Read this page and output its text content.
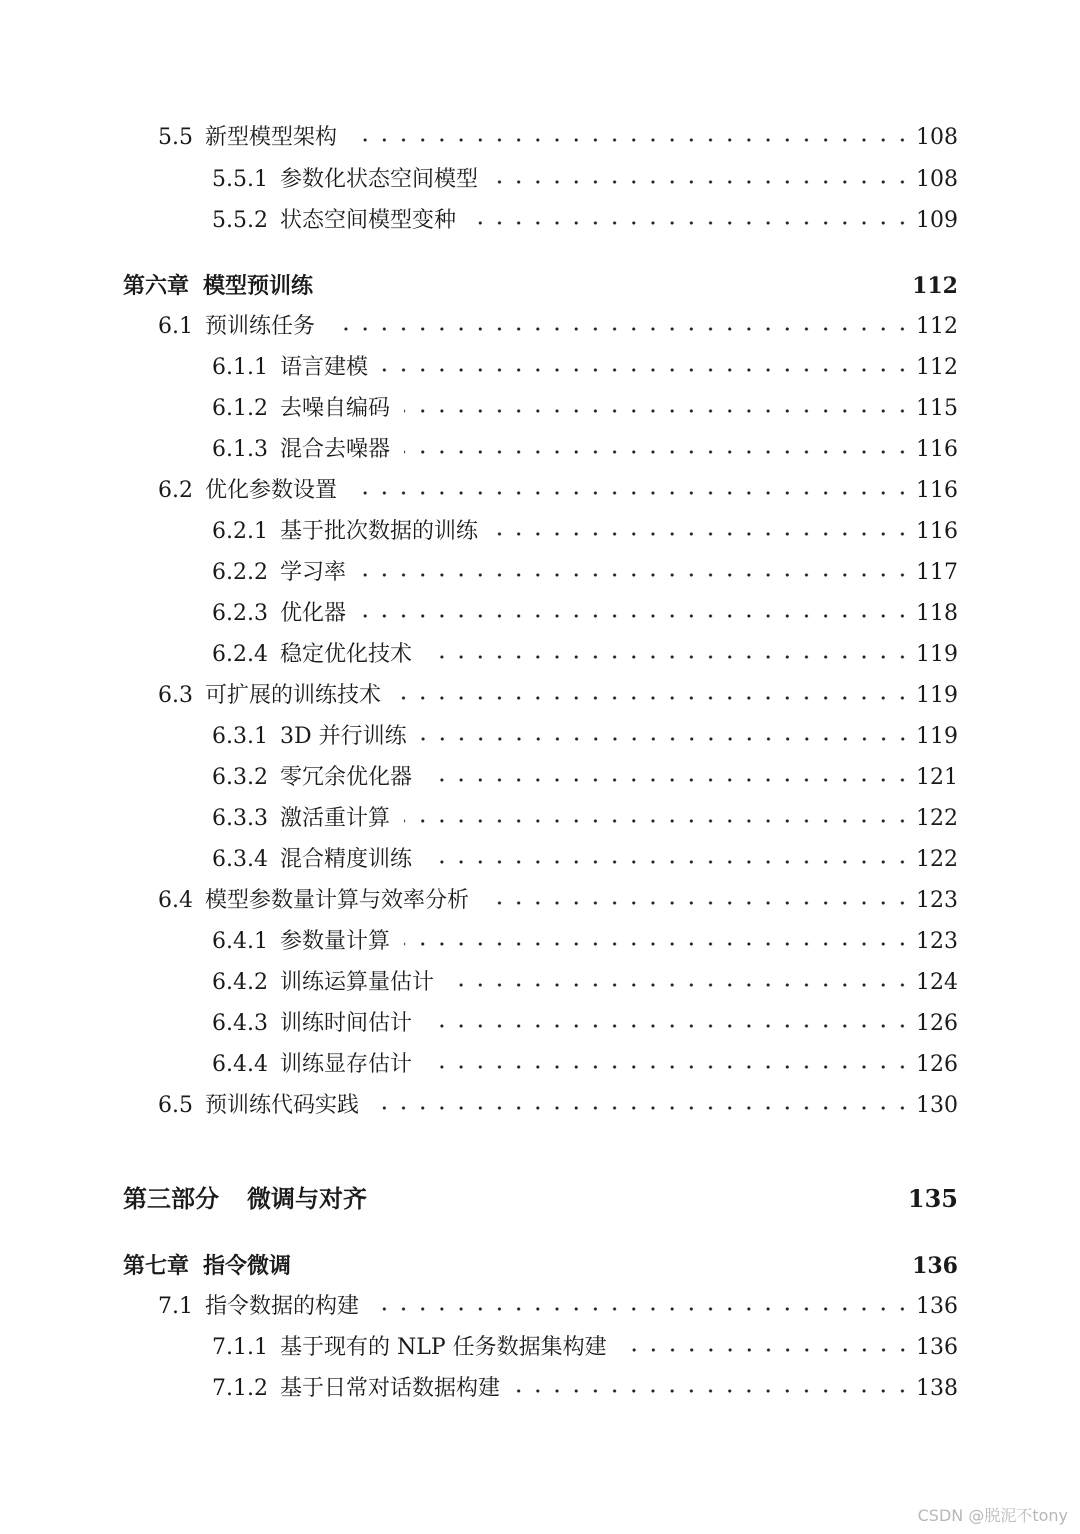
5.5 新型模型架构	108
5.5.1 参数化状态空间模型	108
5.5.2 状态空间模型变种	109
第六章 模型预训练	112
6.1 预训练任务	112
6.1.1 语言建模	112
6.1.2 去噪自编码	115
6.1.3 混合去噪器	116
6.2 优化参数设置	116
6.2.1 基于批次数据的训练	116
6.2.2 学习率	117
6.2.3 优化器	118
6.2.4 稳定优化技术	119
6.3 可扩展的训练技术	119
6.3.1 3D 并行训练	119
6.3.2 零冗余优化器	121
6.3.3 激活重计算	122
6.3.4 混合精度训练	122
6.4 模型参数量计算与效率分析	123
6.4.1 参数量计算	123
6.4.2 训练运算量估计	124
6.4.3 训练时间估计	126
6.4.4 训练显存估计	126
6.5 预训练代码实践	130
第三部分 微调与对齐	135
第七章 指令微调	136
7.1 指令数据的构建	136
7.1.1 基于现有的 NLP 任务数据集构建	136
7.1.2 基于日常对话数据构建	138
CSDN @脱泥不tony
